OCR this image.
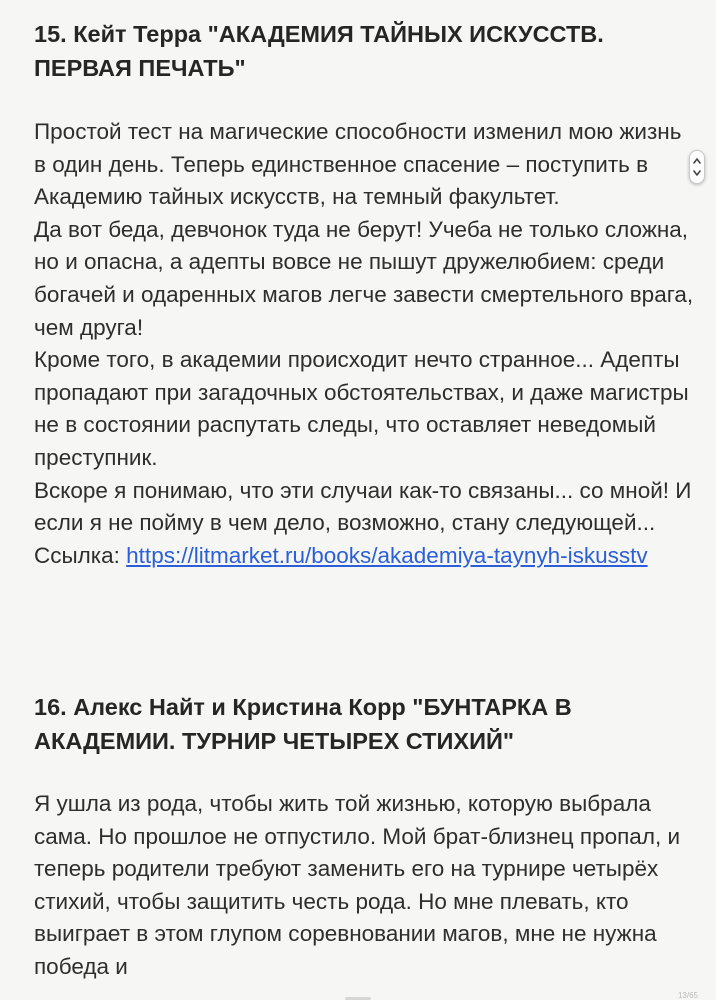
15. Кейт Терра "АКАДЕМИЯ ТАЙНЫХ ИСКУССТВ. ПЕРВАЯ ПЕЧАТЬ"

Простой тест на магические способности изменил мою жизнь в один день. Теперь единственное спасение – поступить в Академию тайных искусств, на темный факультет.

Да вот беда, девчонок туда не берут! Учеба не только сложна, но и опасна, а адепты вовсе не пышут дружелюбием: среди богачей и одаренных магов легче завести смертельного врага, чем друга!

Кроме того, в академии происходит нечто странное... Адепты пропадают при загадочных обстоятельствах, и даже магистры не в состоянии распутать следы, что оставляет неведомый преступник.

Вскоре я понимаю, что эти случаи как-то связаны... со мной! И если я не пойму в чем дело, возможно, стану следующей...

Ссылка: https://litmarket.ru/books/akademiya-taynyh-iskusstv

16. Алекс Найт и Кристина Корр "БУНТАРКА В АКАДЕМИИ. ТУРНИР ЧЕТЫРЕХ СТИХИЙ"

Я ушла из рода, чтобы жить той жизнью, которую выбрала сама. Но прошлое не отпустило. Мой брат-близнец пропал, и теперь родители требуют заменить его на турнире четырёх стихий, чтобы защитить честь рода. Но мне плевать, кто выиграет в этом глупом соревновании магов, мне не нужна победа и

13/65
